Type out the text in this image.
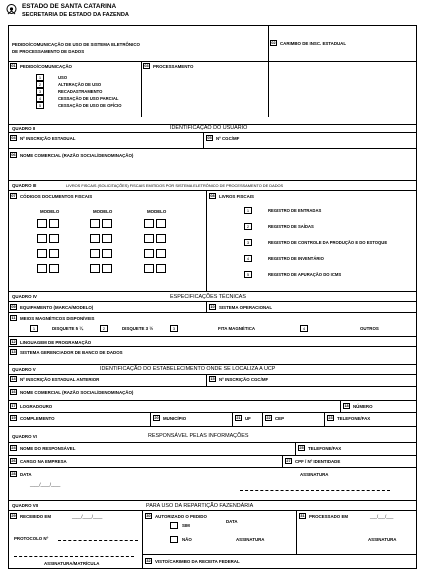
ESTADO DE SANTA CATARINA
SECRETARIA DE ESTADO DA FAZENDA
PEDIDO/COMUNICAÇÃO DE USO DE SISTEMA ELETRÔNICO
DE PROCESSAMENTO DE DADOS
02 CARIMBO DE INSC. ESTADUAL
01 PEDIDO/COMUNICAÇÃO	03 PROCESSAMENTO
1	USO
2	ALTERAÇÃO DE USO
3	RECADASTRAMENTO
4	CESSAÇÃO DE USO PARCIAL
5	CESSAÇÃO DE USO DE OFÍCIO
QUADRO II	IDENTIFICAÇÃO DO USUÁRIO
04 Nº INSCRIÇÃO ESTADUAL	05 Nº CGC/MF
06 NOME COMERCIAL (RAZÃO SOCIAL/DENOMINAÇÃO)
QUADRO III	LIVROS FISCAIS (SOLICITAÇÕES) FISCAIS EMITIDOS POR SISTEMA ELETRÔNICO DE PROCESSAMENTO DE DADOS
07 CÓDIGOS DOCUMENTOS FISCAIS	08 LIVROS FISCAIS
MODELO	MODELO	MODELO	1	REGISTRO DE ENTRADAS
2	REGISTRO DE SAÍDAS
3	REGISTRO DE CONTROLE DA PRODUÇÃO E DO ESTOQUE
4	REGISTRO DE INVENTÁRIO
5	REGISTRO DE APURAÇÃO DO ICMS
QUADRO IV	ESPECIFICAÇÕES TÉCNICAS
09 EQUIPAMENTO (MARCA/MODELO)	10 SISTEMA OPERACIONAL
11	MEIOS MAGNÉTICOS DISPONÍVEIS
1	DISQUETE 5 ¼	2	DISQUETE 3 ½	3	FITA MAGNÉTICA	4	OUTROS
12 LINGUAGEM DE PROGRAMAÇÃO
13 SISTEMA GERENCIADOR DE BANCO DE DADOS
QUADRO V	IDENTIFICAÇÃO DO ESTABELECIMENTO ONDE SE LOCALIZA A UCP
14 Nº INSCRIÇÃO ESTADUAL ANTERIOR	15 Nº INSCRIÇÃO CGC/MF
16 NOME COMERCIAL (RAZÃO SOCIAL/DENOMINAÇÃO)
17 LOGRADOURO	18 NÚMERO
19 COMPLEMENTO	20 MUNICÍPIO	21 UF	22 CEP	23 TELEFONE/FAX
QUADRO VI	RESPONSÁVEL PELAS INFORMAÇÕES
24 NOME DO RESPONSÁVEL	25 TELEFONE/FAX
26 CARGO NA EMPRESA	27 CPF / Nº IDENTIDADE
28 DATA
____/____/____
ASSINATURA
QUADRO VII	PARA USO DA REPARTIÇÃO FAZENDÁRIA
29 RECEBIDO EM	____/____/____
PROTOCOLO Nº
ASSINATURA/MATRÍCULA
30 AUTORIZADO O PEDIDO
SIM
DATA
NÃO	ASSINATURA
31 PROCESSADO EM	___/___/___
ASSINATURA
32 VISTO/CARIMBO DA RECEITA FEDERAL
